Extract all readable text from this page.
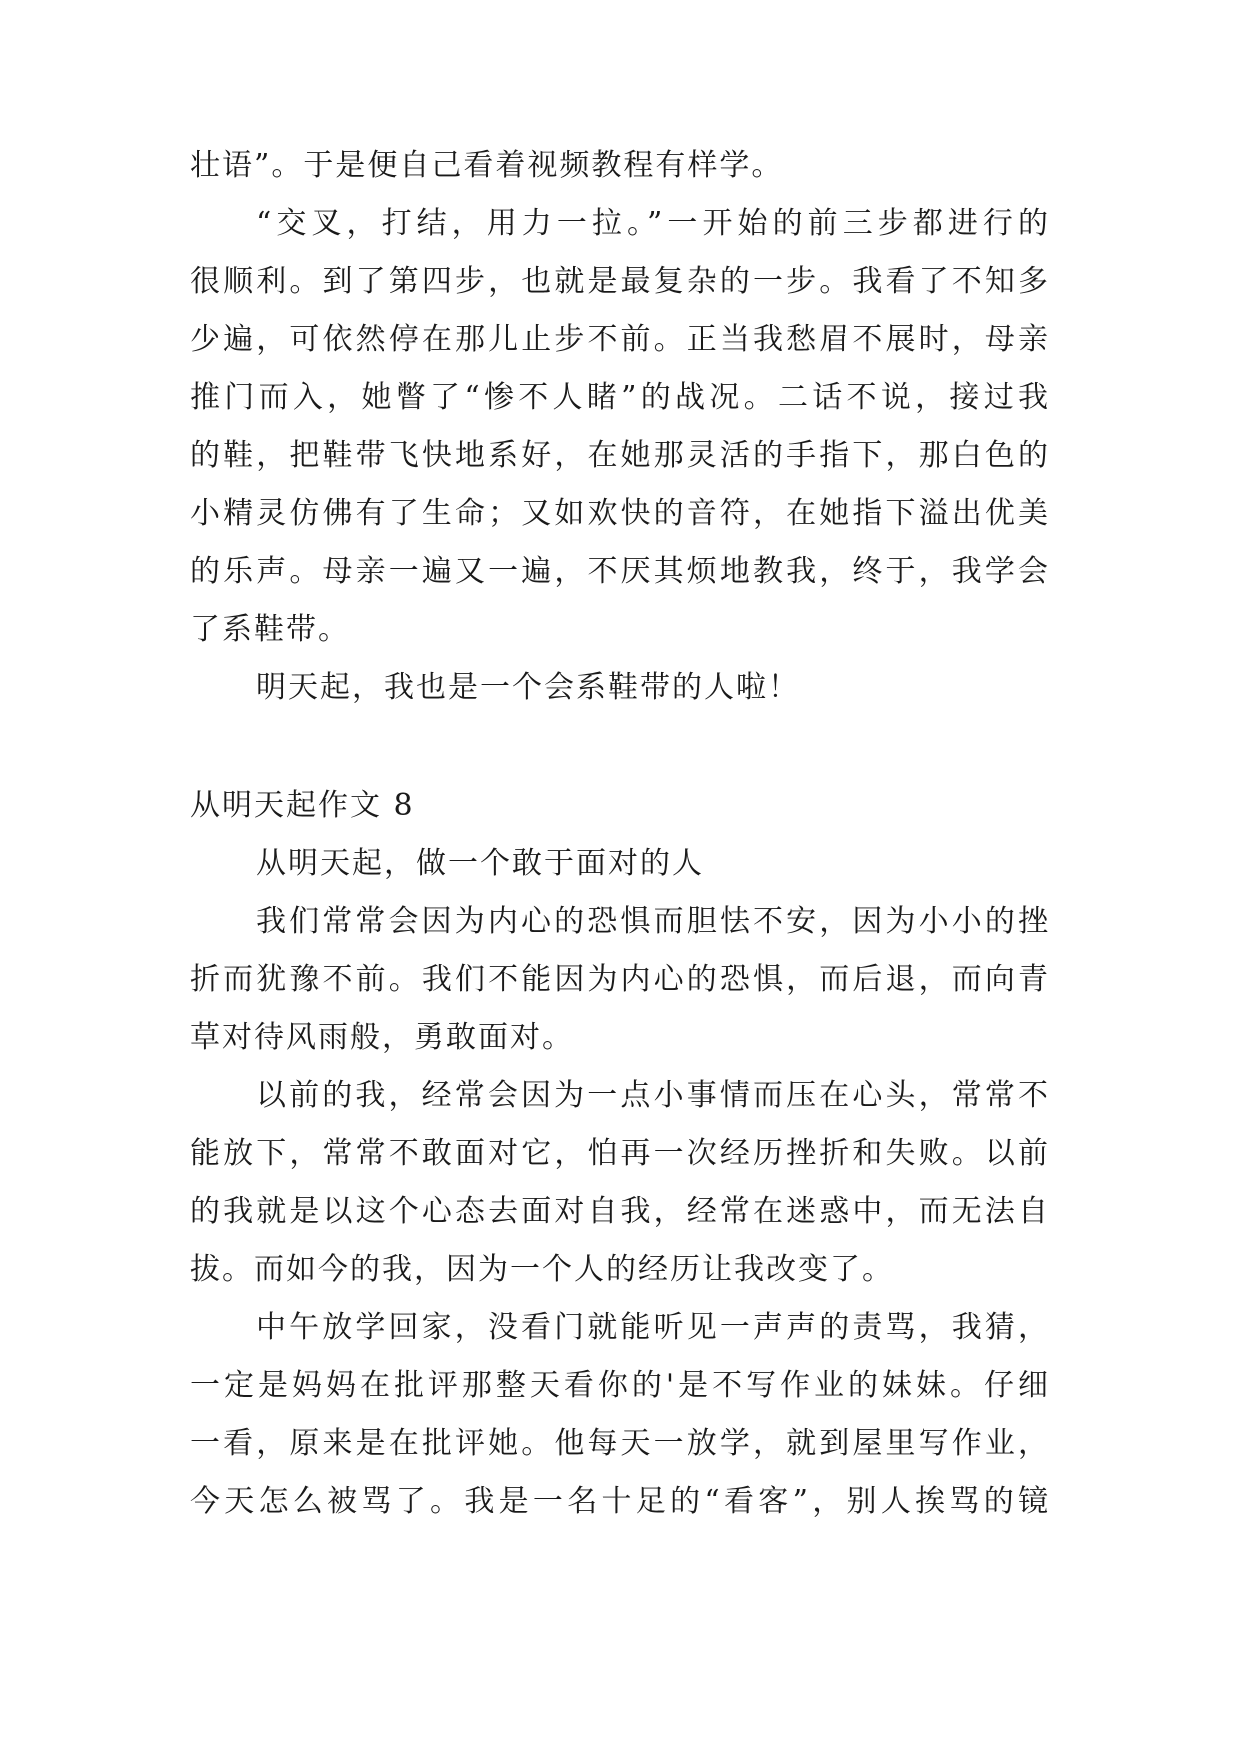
壮语”。于是便自己看着视频教程有样学。
“交叉，打结，用力一拉。”一开始的前三步都进行的
很顺利。到了第四步，也就是最复杂的一步。我看了不知多
少遍，可依然停在那儿止步不前。正当我愁眉不展时，母亲
推门而入，她瞥了“惨不人睹”的战况。二话不说，接过我
的鞋，把鞋带飞快地系好，在她那灵活的手指下，那白色的
小精灵仿佛有了生命；又如欢快的音符，在她指下溢出优美
的乐声。母亲一遍又一遍，不厌其烦地教我，终于，我学会
了系鞋带。
明天起，我也是一个会系鞋带的人啦！
从明天起作文 8
从明天起，做一个敢于面对的人
我们常常会因为内心的恐惧而胆怯不安，因为小小的挫
折而犹豫不前。我们不能因为内心的恐惧，而后退，而向青
草对待风雨般，勇敢面对。
以前的我，经常会因为一点小事情而压在心头，常常不
能放下，常常不敢面对它，怕再一次经历挫折和失败。以前
的我就是以这个心态去面对自我，经常在迷惑中，而无法自
拔。而如今的我，因为一个人的经历让我改变了。
中午放学回家，没看门就能听见一声声的责骂，我猜，
一定是妈妈在批评那整天看你的'是不写作业的妹妹。仔细
一看，原来是在批评她。他每天一放学，就到屋里写作业，
今天怎么被骂了。我是一名十足的“看客”，别人挨骂的镜
